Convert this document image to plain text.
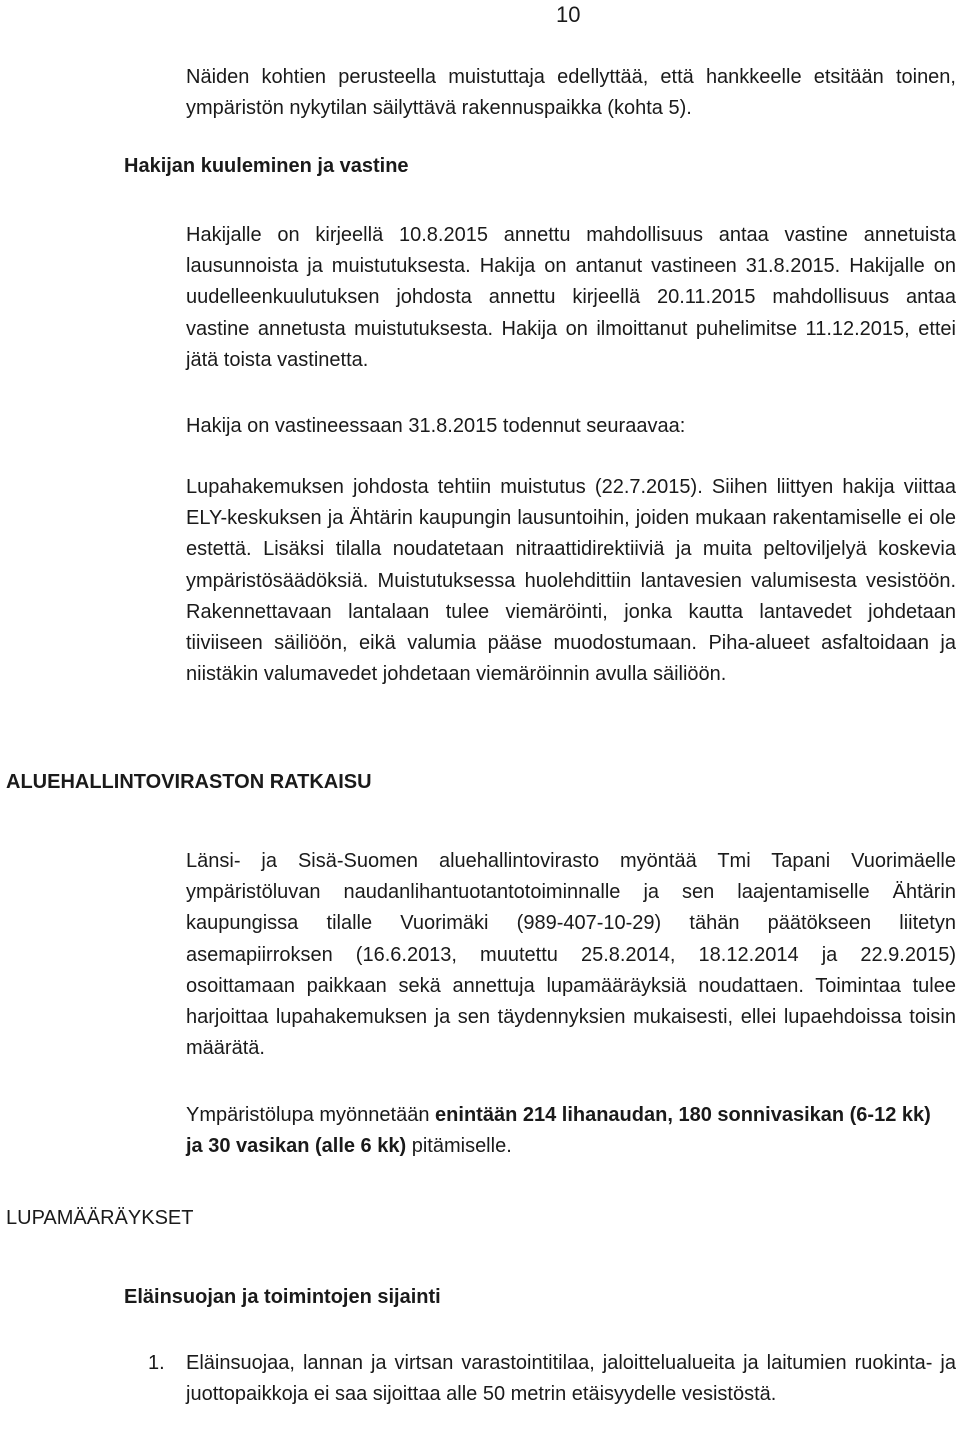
10

Näiden kohtien perusteella muistuttaja edellyttää, että hankkeelle etsitään toinen, ympäristön nykytilan säilyttävä rakennuspaikka (kohta 5).

Hakijan kuuleminen ja vastine

Hakijalle on kirjeellä 10.8.2015 annettu mahdollisuus antaa vastine annetuista lausunnoista ja muistutuksesta. Hakija on antanut vastineen 31.8.2015. Hakijalle on uudelleenkuulutuksen johdosta annettu kirjeellä 20.11.2015 mahdollisuus antaa vastine annetusta muistutuksesta. Hakija on ilmoittanut puhelimitse 11.12.2015, ettei jätä toista vastinetta.

Hakija on vastineessaan 31.8.2015 todennut seuraavaa:

Lupahakemuksen johdosta tehtiin muistutus (22.7.2015). Siihen liittyen hakija viittaa ELY-keskuksen ja Ähtärin kaupungin lausuntoihin, joiden mukaan rakentamiselle ei ole estettä. Lisäksi tilalla noudatetaan nitraattidirektiiviä ja muita peltoviljelyä koskevia ympäristösäädöksiä. Muistutuksessa huolehdittiin lantavesien valumisesta vesistöön. Rakennettavaan lantalaan tulee viemäröinti, jonka kautta lantavedet johdetaan tiiviiseen säiliöön, eikä valumia pääse muodostumaan. Piha-alueet asfaltoidaan ja niistäkin valumavedet johdetaan viemäröinnin avulla säiliöön.

ALUEHALLINTOVIRASTON RATKAISU

Länsi- ja Sisä-Suomen aluehallintovirasto myöntää Tmi Tapani Vuorimäelle ympäristöluvan naudanlihantuotantotoiminnalle ja sen laajentamiselle Ähtärin kaupungissa tilalle Vuorimäki (989-407-10-29) tähän päätökseen liitetyn asemapiirroksen (16.6.2013, muutettu 25.8.2014, 18.12.2014 ja 22.9.2015) osoittamaan paikkaan sekä annettuja lupamääräyksiä noudattaen. Toimintaa tulee harjoittaa lupahakemuksen ja sen täydennyksien mukaisesti, ellei lupaehdoissa toisin määrätä.

Ympäristölupa myönnetään enintään 214 lihanaudan, 180 sonnivasikan (6-12 kk) ja 30 vasikan (alle 6 kk) pitämiselle.

LUPAMÄÄRÄYKSET
Eläinsuojan ja toimintojen sijainti
1. Eläinsuojaa, lannan ja virtsan varastointitilaa, jaloittelualueita ja laitumien ruokinta- ja juottopaikkoja ei saa sijoittaa alle 50 metrin etäisyydelle vesistöstä.
